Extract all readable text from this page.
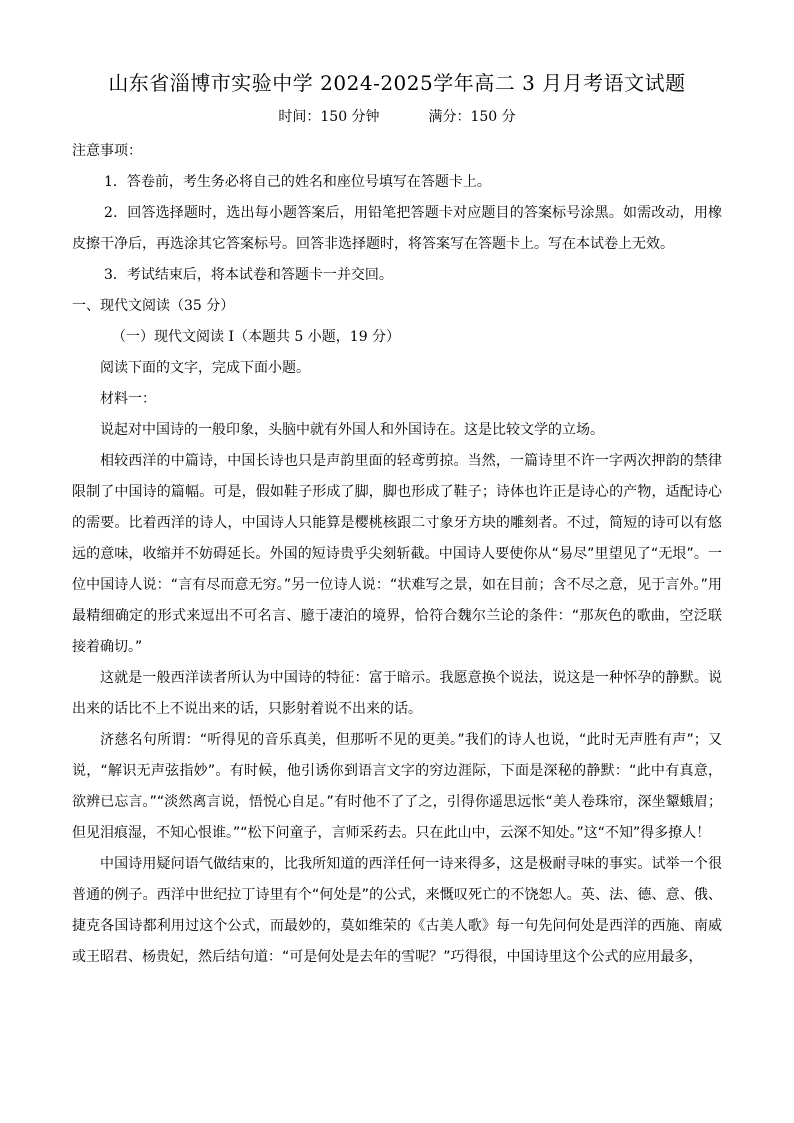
山东省淄博市实验中学 2024-2025学年高二 3 月月考语文试题
时间：150 分钟	满分：150 分

注意事项：

1．答卷前，考生务必将自己的姓名和座位号填写在答题卡上。

2．回答选择题时，选出每小题答案后，用铅笔把答题卡对应题目的答案标号涂黑。如需改动，用橡皮擦干净后，再选涂其它答案标号。回答非选择题时，将答案写在答题卡上。写在本试卷上无效。

3．考试结束后，将本试卷和答题卡一并交回。

一、现代文阅读（35 分）

（一）现代文阅读 I（本题共 5 小题，19 分）

阅读下面的文字，完成下面小题。

材料一：

说起对中国诗的一般印象，头脑中就有外国人和外国诗在。这是比较文学的立场。

相较西洋的中篇诗，中国长诗也只是声韵里面的轻鸢剪掠。当然，一篇诗里不许一字两次押韵的禁律限制了中国诗的篇幅。可是，假如鞋子形成了脚，脚也形成了鞋子；诗体也许正是诗心的产物，适配诗心的需要。比着西洋的诗人，中国诗人只能算是樱桃核跟二寸象牙方块的雕刻者。不过，简短的诗可以有悠远的意味，收缩并不妨碍延长。外国的短诗贵乎尖刻斩截。中国诗人要使你从“易尽”里望见了“无垠”。一位中国诗人说：“言有尽而意无穷。”另一位诗人说：“状难写之景，如在目前；含不尽之意，见于言外。”用最精细确定的形式来逗出不可名言、臆于凄泊的境界，恰符合魏尔兰论的条件：“那灰色的歌曲，空泛联接着确切。”

这就是一般西洋读者所认为中国诗的特征：富于暗示。我愿意换个说法，说这是一种怀孕的静默。说出来的话比不上不说出来的话，只影射着说不出来的话。

济慈名句所谓：“听得见的音乐真美，但那听不见的更美。”我们的诗人也说，“此时无声胜有声”；又说，“解识无声弦指妙”。有时候，他引诱你到语言文字的穷边涯际，下面是深秘的静默：“此中有真意，欲辨已忘言。”“淡然离言说，悟悦心自足。”有时他不了了之，引得你遥思远怅“美人卷珠帘，深坐颦蛾眉；但见泪痕湿，不知心恨谁。”“松下问童子，言师采药去。只在此山中，云深不知处。”这“不知”得多撩人！

中国诗用疑问语气做结束的，比我所知道的西洋任何一诗来得多，这是极耐寻味的事实。试举一个很普通的例子。西洋中世纪拉丁诗里有个“何处是”的公式，来慨叹死亡的不饶恕人。英、法、德、意、俄、捷克各国诗都利用过这个公式，而最妙的，莫如维荣的《古美人歌》每一句先问何处是西洋的西施、南威或王昭君、杨贵妃，然后结句道：“可是何处是去年的雪呢？”巧得很，中国诗里这个公式的应用最多，
